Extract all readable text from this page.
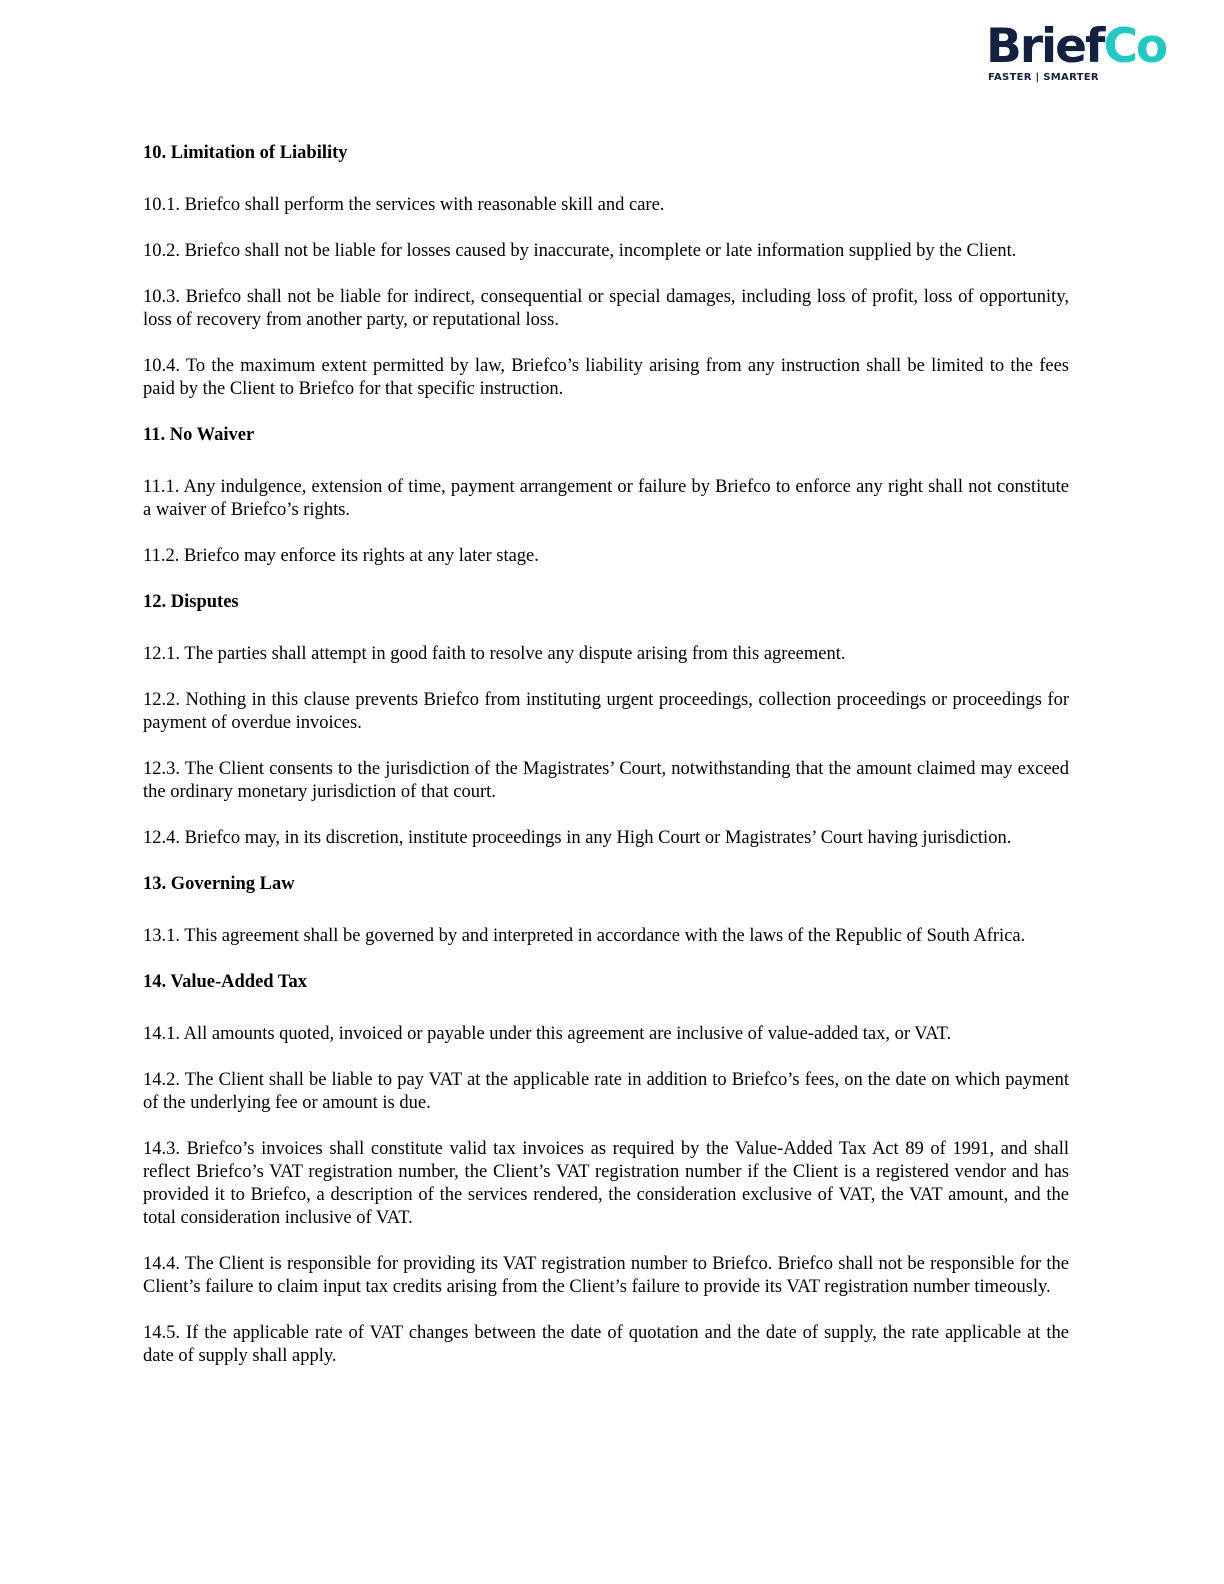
BriefCo
FASTER | SMARTER
10. Limitation of Liability

10.1. Briefco shall perform the services with reasonable skill and care.

10.2. Briefco shall not be liable for losses caused by inaccurate, incomplete or late information supplied by the Client.

10.3. Briefco shall not be liable for indirect, consequential or special damages, including loss of profit, loss of opportunity, loss of recovery from another party, or reputational loss.

10.4. To the maximum extent permitted by law, Briefco’s liability arising from any instruction shall be limited to the fees paid by the Client to Briefco for that specific instruction.

11. No Waiver

11.1. Any indulgence, extension of time, payment arrangement or failure by Briefco to enforce any right shall not constitute a waiver of Briefco’s rights.

11.2. Briefco may enforce its rights at any later stage.

12. Disputes

12.1. The parties shall attempt in good faith to resolve any dispute arising from this agreement.

12.2. Nothing in this clause prevents Briefco from instituting urgent proceedings, collection proceedings or proceedings for payment of overdue invoices.

12.3. The Client consents to the jurisdiction of the Magistrates’ Court, notwithstanding that the amount claimed may exceed the ordinary monetary jurisdiction of that court.

12.4. Briefco may, in its discretion, institute proceedings in any High Court or Magistrates’ Court having jurisdiction.

13. Governing Law

13.1. This agreement shall be governed by and interpreted in accordance with the laws of the Republic of South Africa.

14. Value-Added Tax

14.1. All amounts quoted, invoiced or payable under this agreement are inclusive of value-added tax, or VAT.

14.2. The Client shall be liable to pay VAT at the applicable rate in addition to Briefco’s fees, on the date on which payment of the underlying fee or amount is due.

14.3. Briefco’s invoices shall constitute valid tax invoices as required by the Value-Added Tax Act 89 of 1991, and shall reflect Briefco’s VAT registration number, the Client’s VAT registration number if the Client is a registered vendor and has provided it to Briefco, a description of the services rendered, the consideration exclusive of VAT, the VAT amount, and the total consideration inclusive of VAT.

14.4. The Client is responsible for providing its VAT registration number to Briefco. Briefco shall not be responsible for the Client’s failure to claim input tax credits arising from the Client’s failure to provide its VAT registration number timeously.

14.5. If the applicable rate of VAT changes between the date of quotation and the date of supply, the rate applicable at the date of supply shall apply.
